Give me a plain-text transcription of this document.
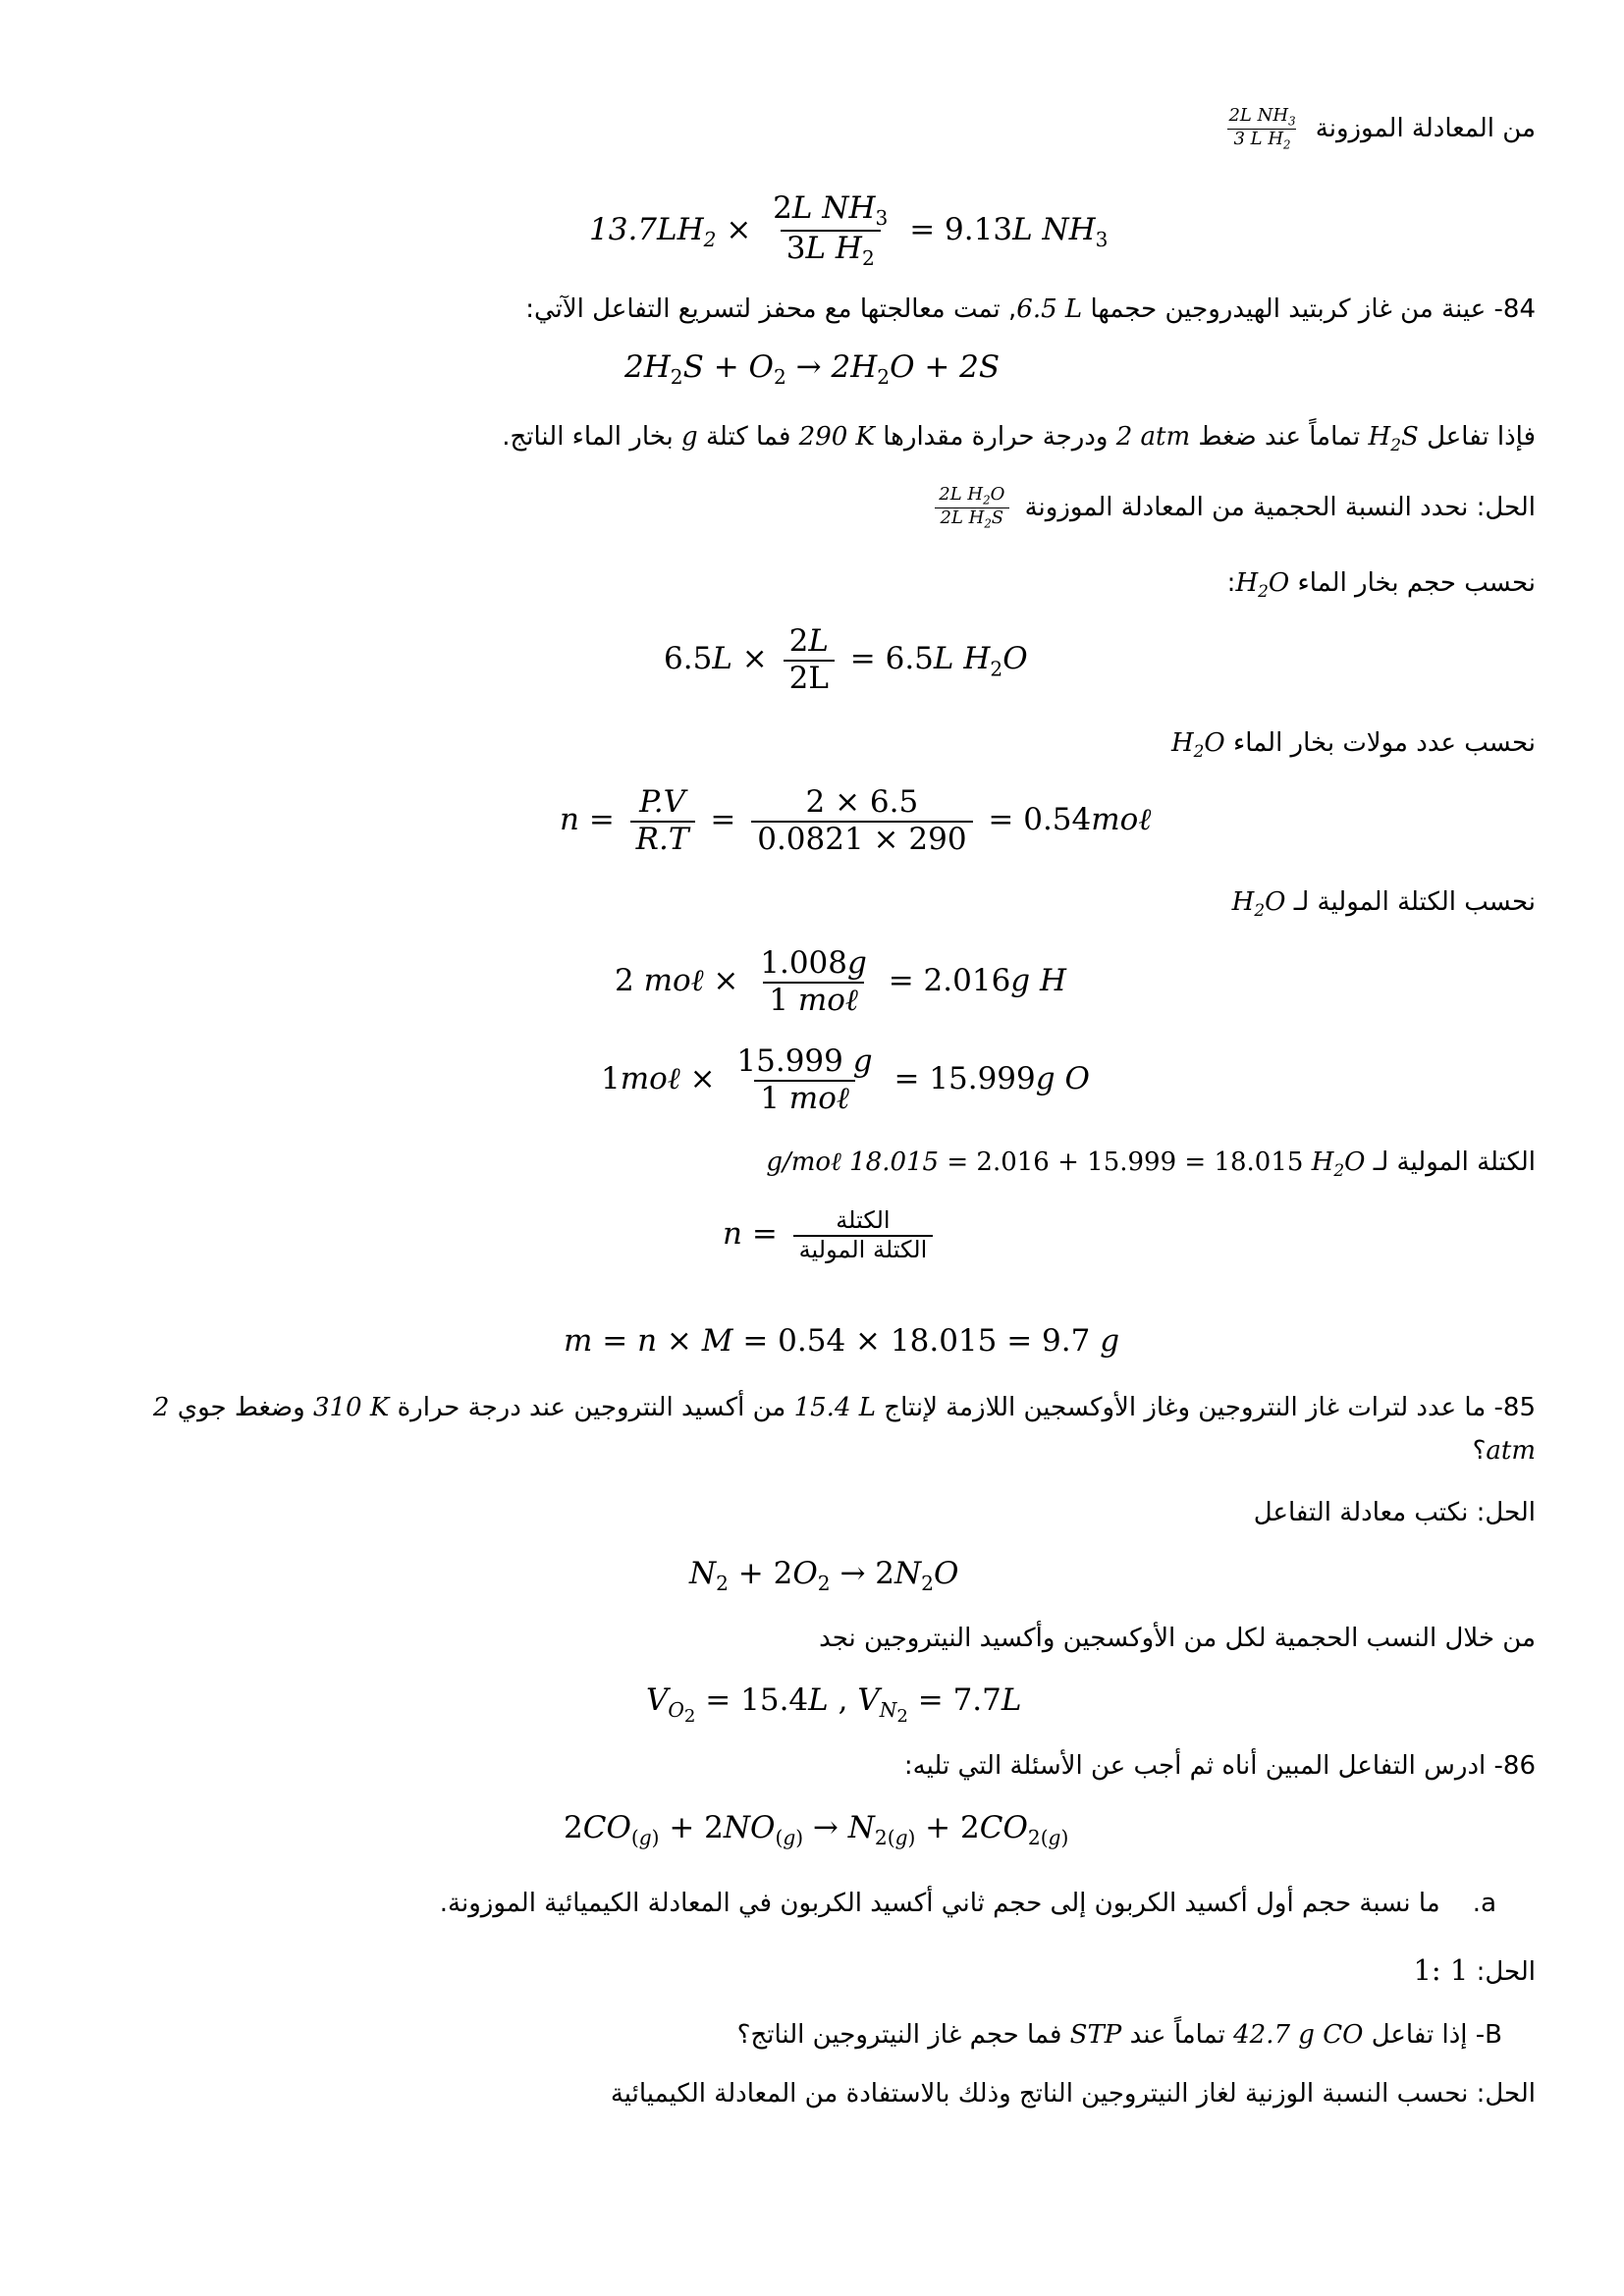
من المعادلة الموزونة
$\frac{2L NH_3}{3 L H_2}$
$13.7LH_2 \times \frac{2L NH_3}{3L H_2} = 9.13L$ $NH_3$
84- عينة من غاز كربتيد الهيدروجين حجمها 6.5 L, تمت معالجتها مع محفز لتسريع التفاعل الآتي:
$2H_2S + O_2 \to 2H_2O + 2S$
فإذا تفاعل $H_2S$ تماماً عند ضغط 2 atm ودرجة حرارة مقدارها 290 K فما كتلة g بخار الماء الناتج.
الحل: نحدد النسبة الحجمية من المعادلة الموزونة
$\frac{2L H_2O}{2L H_2S}$
نحسب حجم بخار الماء $H_2O$:
$6.5L \times \frac{2L}{2L} = 6.5L$ $H_2O$
نحسب عدد مولات بخار الماء $H_2O$
$n = \frac{P.V}{R.T} = \frac{2 \times 6.5}{0.0821 \times 290}$ = 0.54moℓ
نحسب الكتلة المولية لـ $H_2O$
2 moℓ × $\frac{1.008g}{\text{1 moℓ}} = 2.016g$ H
1moℓ × $\frac{15.999 g}{\text{1 moℓ}} = 15.999g$ O
الكتلة المولية لـ $H_2O = 2.016 + 15.999 = 18.015$ g/moℓ 18.015
$n = \frac{\text{الكتلة}}{\text{الكتلة المولية}}$
m = n × M = 0.54 × 18.015 = 9.7 g
85- ما عدد لترات غاز النتروجين وغاز الأوكسجين اللازمة لإنتاج 15.4 L من أكسيد النتروجين عند درجة حرارة 310 K وضغط جوي 2 atm؟
الحل: نكتب معادلة التفاعل
$N_2 + 2O_2 \to 2N_2O$
من خلال النسب الحجمية لكل من الأوكسجين وأكسيد النيتروجين نجد
$V_{O_2} = 15.4L$ , $V_{N_2} = 7.7L$
86- ادرس التفاعل المبين أناه ثم أجب عن الأسئلة التي تليه:
$2CO_{(g)} + 2NO_{(g)} \to N_{2(g)} + 2CO_{2(g)}$
a.    ما نسبة حجم أول أكسيد الكربون إلى حجم ثاني أكسيد الكربون في المعادلة الكيميائية الموزونة.
الحل: 1: 1
B- إذا تفاعل 42.7 g CO تماماً عند STP فما حجم غاز النيتروجين الناتج؟
الحل: نحسب النسبة الوزنية لغاز النيتروجين الناتج وذلك بالاستفادة من المعادلة الكيميائية
